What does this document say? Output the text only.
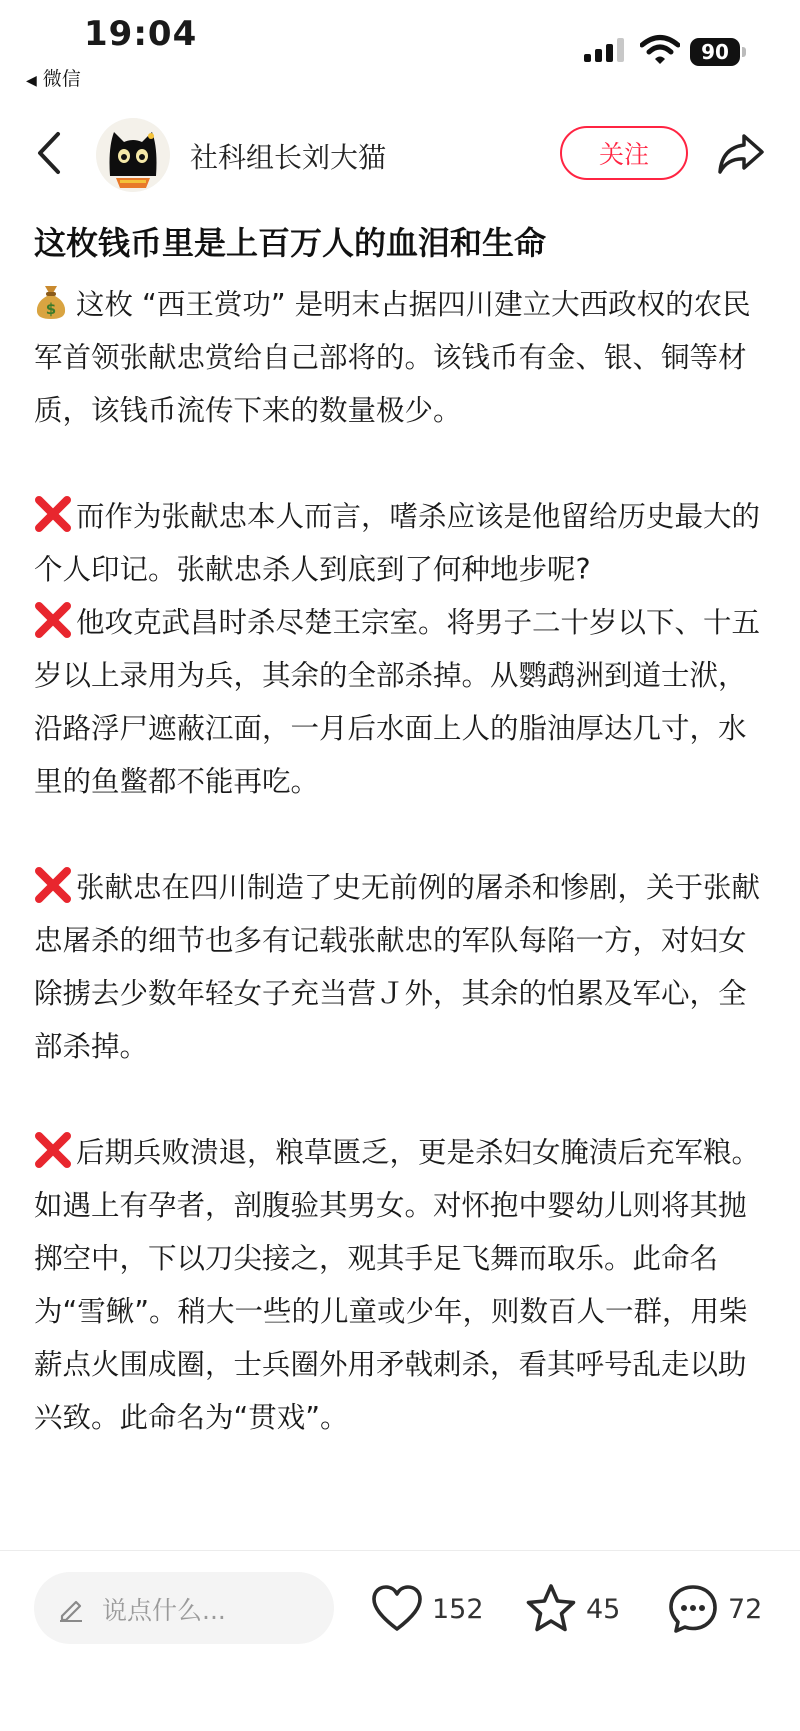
19:04
◀ 微信
90
社科组长刘大猫	关注
这枚钱币里是上百万人的血泪和生命

$ 这枚 “西王赏功” 是明末占据四川建立大西政权的农民军首领张献忠赏给自己部将的。该钱币有金、银、铜等材质，该钱币流传下来的数量极少。

而作为张献忠本人而言，嗜杀应该是他留给历史最大的个人印记。张献忠杀人到底到了何种地步呢?

他攻克武昌时杀尽楚王宗室。将男子二十岁以下、十五岁以上录用为兵，其余的全部杀掉。从鹦鹉洲到道士洑，沿路浮尸遮蔽江面，一月后水面上人的脂油厚达几寸，水里的鱼鳖都不能再吃。

张献忠在四川制造了史无前例的屠杀和惨剧，关于张献忠屠杀的细节也多有记载张献忠的军队每陷一方，对妇女除掳去少数年轻女子充当营Ｊ外，其余的怕累及军心，全部杀掉。

后期兵败溃退，粮草匮乏，更是杀妇女腌渍后充军粮。如遇上有孕者，剖腹验其男女。对怀抱中婴幼儿则将其抛掷空中，下以刀尖接之，观其手足飞舞而取乐。此命名为“雪鳅”。稍大一些的儿童或少年，则数百人一群，用柴薪点火围成圈，士兵圈外用矛戟刺杀，看其呼号乱走以助兴致。此命名为“贯戏”。

说点什么...	152	45	72
